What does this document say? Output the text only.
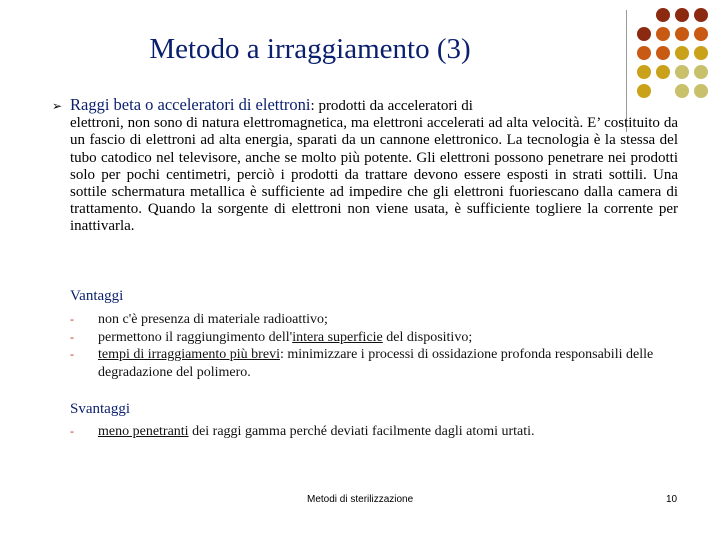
Metodo a irraggiamento (3)
➢ Raggi beta o acceleratori di elettroni: prodotti da acceleratori di
elettroni, non sono di natura elettromagnetica, ma elettroni accelerati ad alta velocità. E’ costituito da un fascio di elettroni ad alta energia, sparati da un cannone elettronico. La tecnologia è la stessa del tubo catodico nel televisore, anche se molto più potente. Gli elettroni possono penetrare nei prodotti solo per pochi centimetri, perciò i prodotti da trattare devono essere esposti in strati sottili. Una sottile schermatura metallica è sufficiente ad impedire che gli elettroni fuoriescano dalla camera di trattamento. Quando la sorgente di elettroni non viene usata, è sufficiente togliere la corrente per inattivarla.
Vantaggi
- non c'è presenza di materiale radioattivo;
- permettono il raggiungimento dell'intera superficie del dispositivo;
- tempi di irraggiamento più brevi: minimizzare i processi di ossidazione profonda responsabili delle degradazione del polimero.
Svantaggi
- meno penetranti dei raggi gamma perché deviati facilmente dagli atomi urtati.
Metodi di sterilizzazione	10
